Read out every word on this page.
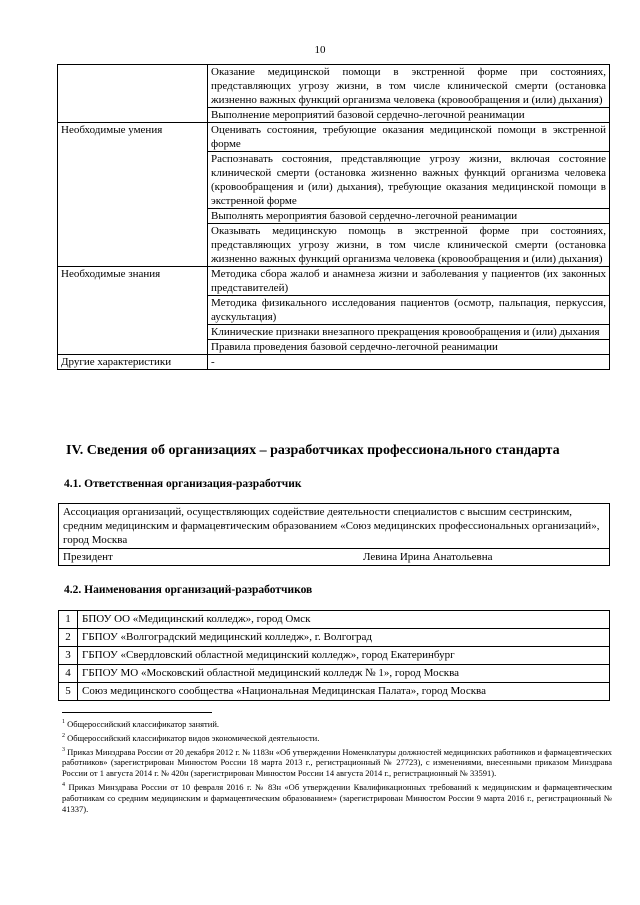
10
	Оказание медицинской помощи в экстренной форме при состояниях, представляющих угрозу жизни, в том числе клинической смерти (остановка жизненно важных функций организма человека (кровообращения и (или) дыхания)
	Выполнение мероприятий базовой сердечно-легочной реанимации
Необходимые умения	Оценивать состояния, требующие оказания медицинской помощи в экстренной форме
	Распознавать состояния, представляющие угрозу жизни, включая состояние клинической смерти (остановка жизненно важных функций организма человека (кровообращения и (или) дыхания), требующие оказания медицинской помощи в экстренной форме
	Выполнять мероприятия базовой сердечно-легочной реанимации
	Оказывать медицинскую помощь в экстренной форме при состояниях, представляющих угрозу жизни, в том числе клинической смерти (остановка жизненно важных функций организма человека (кровообращения и (или) дыхания)
Необходимые знания	Методика сбора жалоб и анамнеза жизни и заболевания у пациентов (их законных представителей)
	Методика физикального исследования пациентов (осмотр, пальпация, перкуссия, аускультация)
	Клинические признаки внезапного прекращения кровообращения и (или) дыхания
	Правила проведения базовой сердечно-легочной реанимации
Другие характеристики	-
IV. Сведения об организациях – разработчиках профессионального стандарта
4.1. Ответственная организация-разработчик
Ассоциация организаций, осуществляющих содействие деятельности специалистов с высшим сестринским, средним медицинским и фармацевтическим образованием «Союз медицинских профессиональных организаций», город Москва

Президент	Левина Ирина Анатольевна
4.2. Наименования организаций-разработчиков
1	БПОУ ОО «Медицинский колледж», город Омск
2	ГБПОУ «Волгоградский медицинский колледж», г. Волгоград
3	ГБПОУ «Свердловский областной медицинский колледж», город Екатеринбург
4	ГБПОУ МО «Московский областной медицинский колледж № 1», город Москва
5	Союз медицинского сообщества «Национальная Медицинская Палата», город Москва
$^1$ Общероссийский классификатор занятий.
$^2$ Общероссийский классификатор видов экономической деятельности.
$^3$ Приказ Минздрава России от 20 декабря 2012 г. № 1183н «Об утверждении Номенклатуры должностей медицинских работников и фармацевтических работников» (зарегистрирован Минюстом России 18 марта 2013 г., регистрационный № 27723), с изменениями, внесенными приказом Минздрава России от 1 августа 2014 г. № 420н (зарегистрирован Минюстом России 14 августа 2014 г., регистрационный № 33591).
$^4$ Приказ Минздрава России от 10 февраля 2016 г. № 83н «Об утверждении Квалификационных требований к медицинским и фармацевтическим работникам со средним медицинским и фармацевтическим образованием» (зарегистрирован Минюстом России 9 марта 2016 г., регистрационный № 41337).
